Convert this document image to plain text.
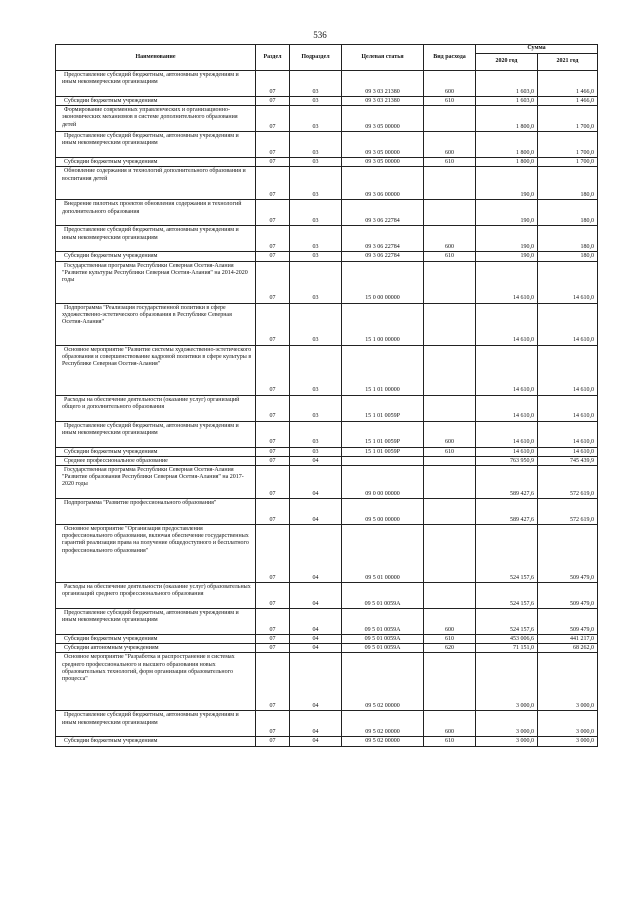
536
Наименование	Раздел	Подраздел	Целевая статья	Вид расхода	Сумма	
					2020 год	2021 год
Предоставление субсидий бюджетным, автономным учреждениям и иным некоммерческим организациям	07	03	09 3 03 21380	600	1 603,0	1 466,0
Субсидии бюджетным учреждениям	07	03	09 3 03 21380	610	1 603,0	1 466,0
Формирование современных управленческих и организационно-экономических механизмов в системе дополнительного образования детей	07	03	09 3 05 00000		1 800,0	1 700,0
Предоставление субсидий бюджетным, автономным учреждениям и иным некоммерческим организациям	07	03	09 3 05 00000	600	1 800,0	1 700,0
Субсидии бюджетным учреждениям	07	03	09 3 05 00000	610	1 800,0	1 700,0
Обновление содержания и технологий дополнительного образования и воспитания детей	07	03	09 3 06 00000		190,0	180,0
Внедрение пилотных проектов обновления содержания и технологий дополнительного образования	07	03	09 3 06 22784		190,0	180,0
Предоставление субсидий бюджетным, автономным учреждениям и иным некоммерческим организациям	07	03	09 3 06 22784	600	190,0	180,0
Субсидии бюджетным учреждениям	07	03	09 3 06 22784	610	190,0	180,0
Государственная программа Республики Северная Осетия-Алания "Развитие культуры Республики Северная Осетия-Алания" на 2014-2020 годы	07	03	15 0 00 00000		14 610,0	14 610,0
Подпрограмма "Реализация государственной политики в сфере художественно-эстетического образования в Республике Северная Осетия-Алания"	07	03	15 1 00 00000		14 610,0	14 610,0
Основное мероприятие "Развитие системы художественно-эстетического образования и совершенствование кадровой политики в сфере культуры в Республике Северная Осетия-Алания"	07	03	15 1 01 00000		14 610,0	14 610,0
Расходы на обеспечение деятельности (оказание услуг) организаций общего и дополнительного образования	07	03	15 1 01 0059Р		14 610,0	14 610,0
Предоставление субсидий бюджетным, автономным учреждениям и иным некоммерческим организациям	07	03	15 1 01 0059Р	600	14 610,0	14 610,0
Субсидии бюджетным учреждениям	07	03	15 1 01 0059Р	610	14 610,0	14 610,0
Среднее профессиональное образование	07	04			763 950,9	745 439,9
Государственная программа Республики Северная Осетия-Алания "Развитие образования Республики Северная Осетия-Алания" на 2017-2020 годы	07	04	09 0 00 00000		589 427,6	572 619,0
Подпрограмма "Развитие профессионального образования"	07	04	09 5 00 00000		589 427,6	572 619,0
Основное мероприятие "Организация предоставления профессионального образования, включая обеспечение государственных гарантий реализации права на получение общедоступного и бесплатного профессионального образования"	07	04	09 5 01 00000		524 157,6	509 479,0
Расходы на обеспечение деятельности (оказание услуг) образовательных организаций среднего профессионального образования	07	04	09 5 01 0059А		524 157,6	509 479,0
Предоставление субсидий бюджетным, автономным учреждениям и иным некоммерческим организациям	07	04	09 5 01 0059А	600	524 157,6	509 479,0
Субсидии бюджетным учреждениям	07	04	09 5 01 0059А	610	453 006,6	441 217,0
Субсидии автономным учреждениям	07	04	09 5 01 0059А	620	71 151,0	68 262,0
Основное мероприятие "Разработка и распространение в системах среднего профессионального и высшего образования новых образовательных технологий, форм организации образовательного процесса"	07	04	09 5 02 00000		3 000,0	3 000,0
Предоставление субсидий бюджетным, автономным учреждениям и иным некоммерческим организациям	07	04	09 5 02 00000	600	3 000,0	3 000,0
Субсидии бюджетным учреждениям	07	04	09 5 02 00000	610	3 000,0	3 000,0
